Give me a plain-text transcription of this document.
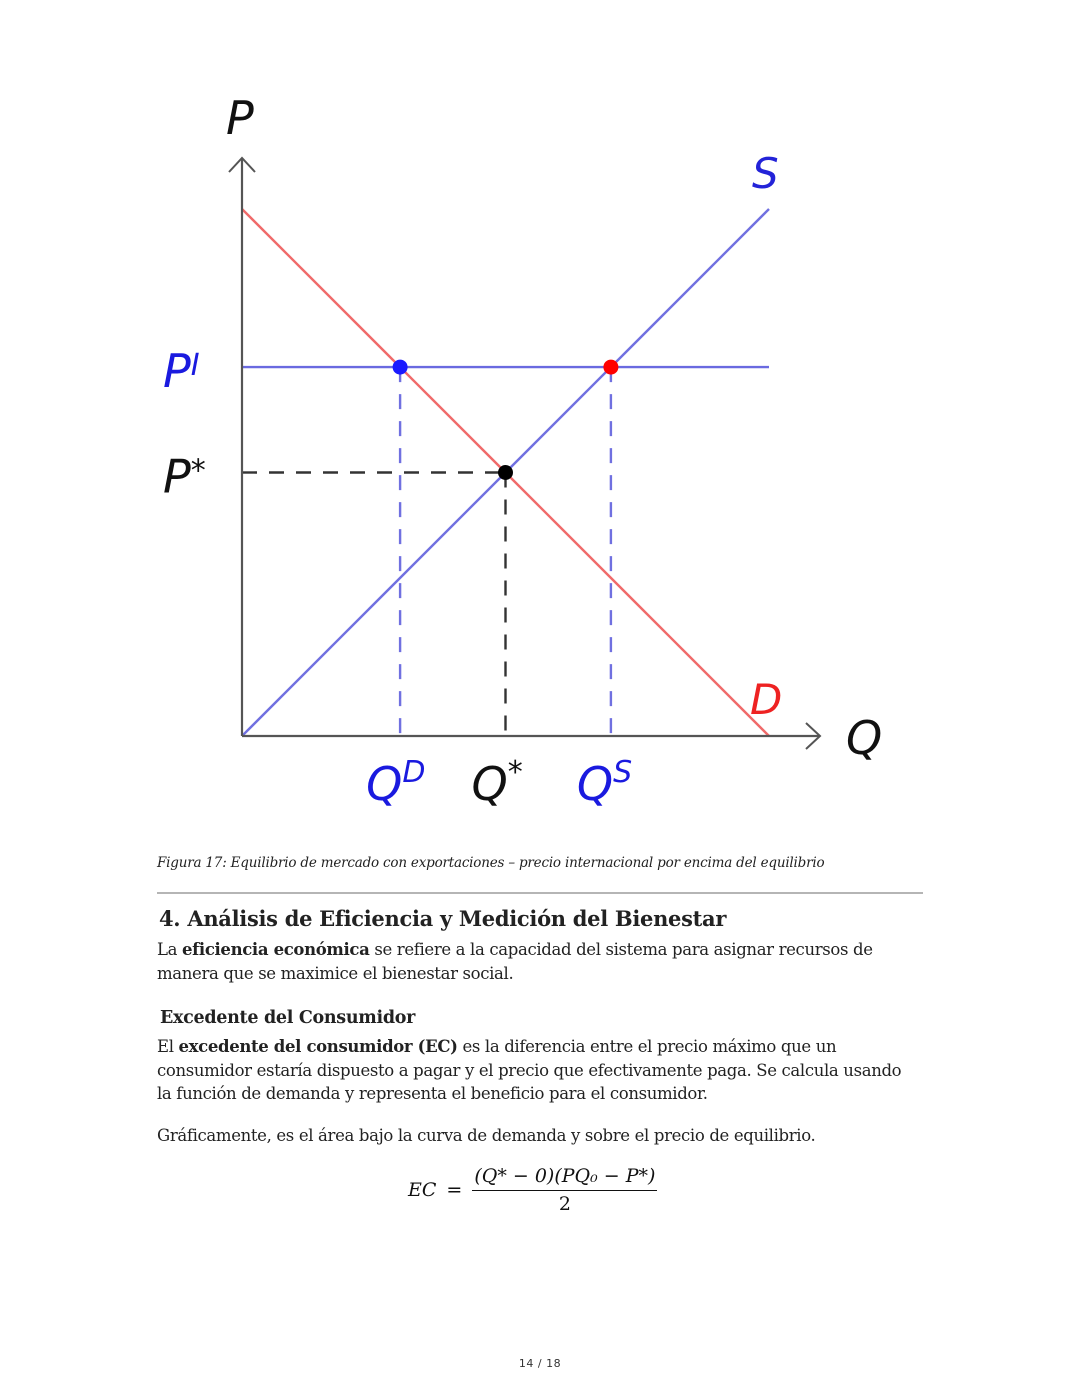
P
Q
S
D
$P^I$
P*
$Q^D$ Q* $Q^S$
Figura 17: Equilibrio de mercado con exportaciones – precio internacional por encima del equilibrio
4. Análisis de Eficiencia y Medición del Bienestar

La eficiencia económica se refiere a la capacidad del sistema para asignar recursos de manera que se maximice el bienestar social.

Excedente del Consumidor

El excedente del consumidor (EC) es la diferencia entre el precio máximo que un consumidor estaría dispuesto a pagar y el precio que efectivamente paga. Se calcula usando la función de demanda y representa el beneficio para el consumidor.

Gráficamente, es el área bajo la curva de demanda y sobre el precio de equilibrio.

EC = $\frac{\text{(Q* − 0)(PQ₀ − P*)}}{2}$
14 / 18
